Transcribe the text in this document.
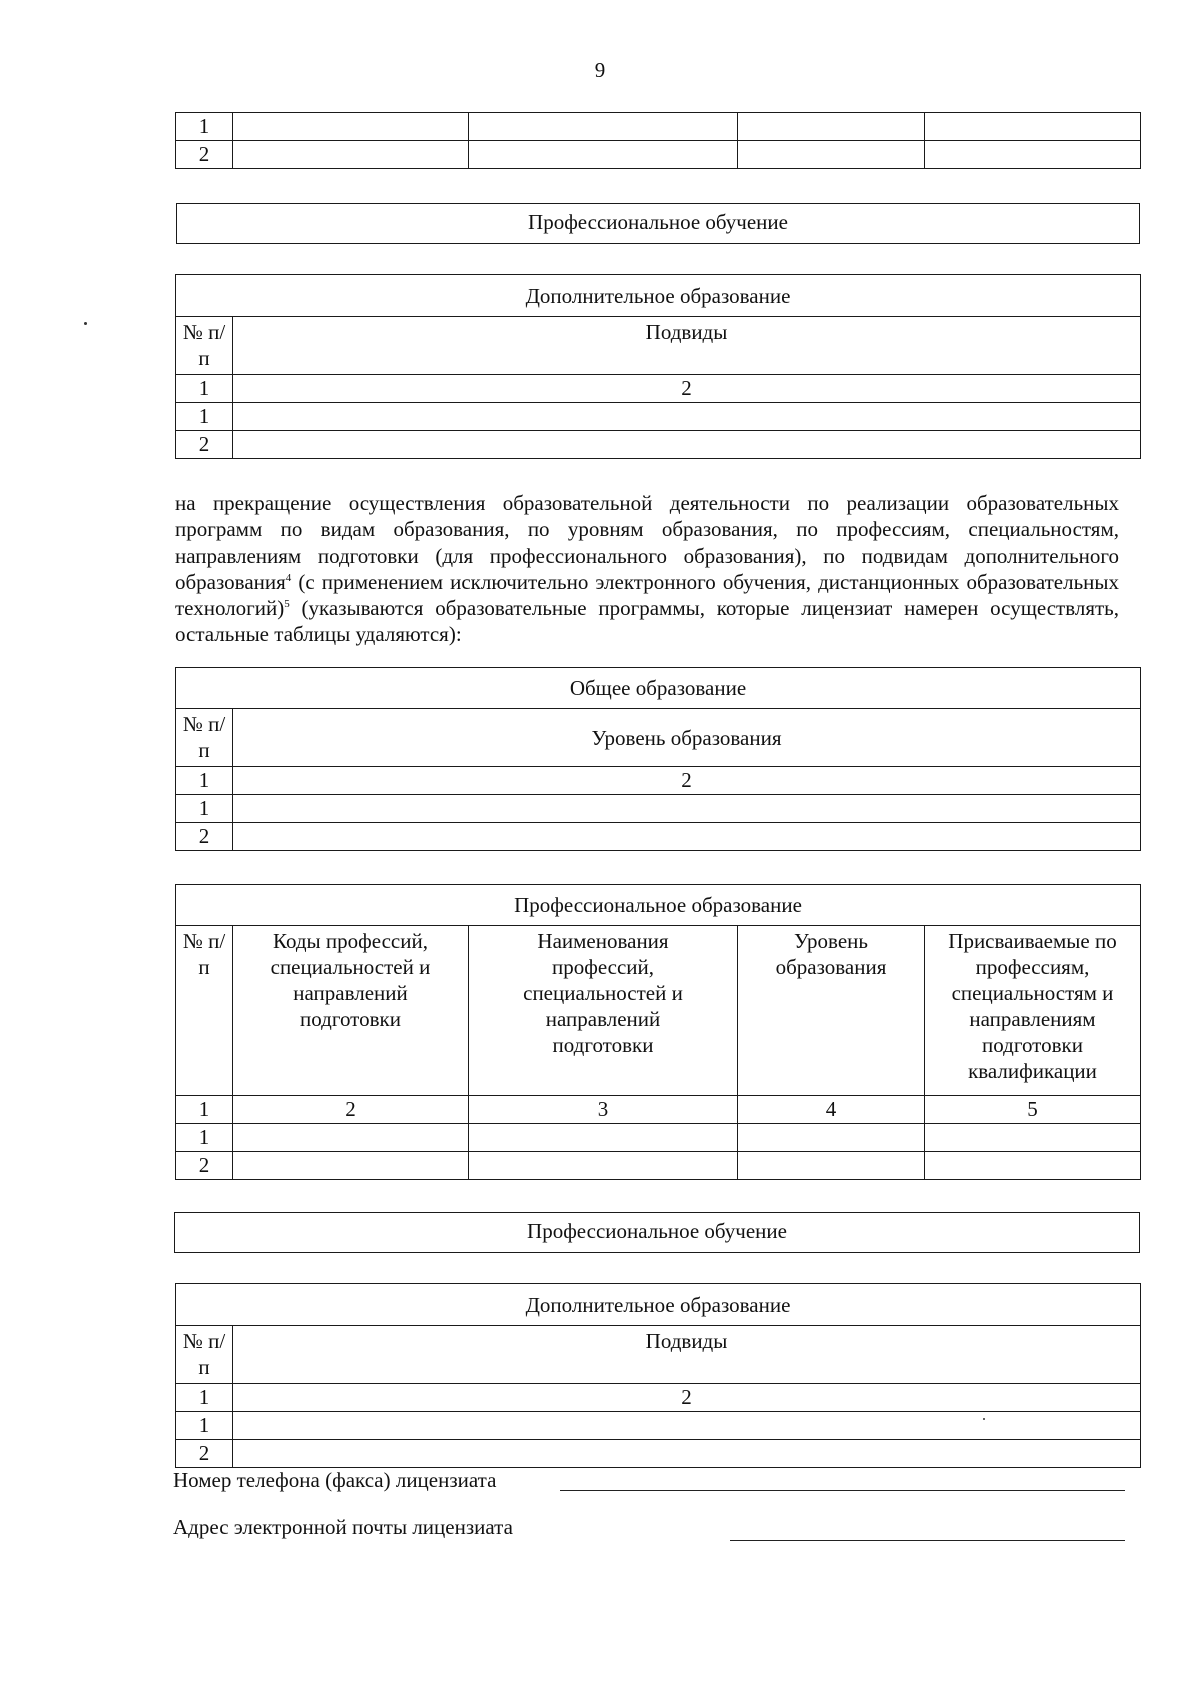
9
1				
2				
Профессиональное обучение
Дополнительное образование	
№ п/п	Подвиды
1	2
1	
2	

на прекращение осуществления образовательной деятельности по реализации образовательных программ по видам образования, по уровням образования, по профессиям, специальностям, направлениям подготовки (для профессионального образования), по подвидам дополнительного образования$^4$ (с применением исключительно электронного обучения, дистанционных образовательных технологий)$^5$ (указываются образовательные программы, которые лицензиат намерен осуществлять, остальные таблицы удаляются):

Общее образование	
№ п/п	Уровень образования
1	2
1	
2	
Профессиональное образование				
№ п/п	Коды профессий, специальностей и направлений подготовки	Наименования профессий, специальностей и направлений подготовки	Уровень образования	Присваиваемые по профессиям, специальностям и направлениям подготовки квалификации
1	2	3	4	5
1				
2				
Профессиональное обучение
Дополнительное образование	
№ п/п	Подвиды
1	2
1	
2	
Номер телефона (факса) лицензиата
Адрес электронной почты лицензиата
